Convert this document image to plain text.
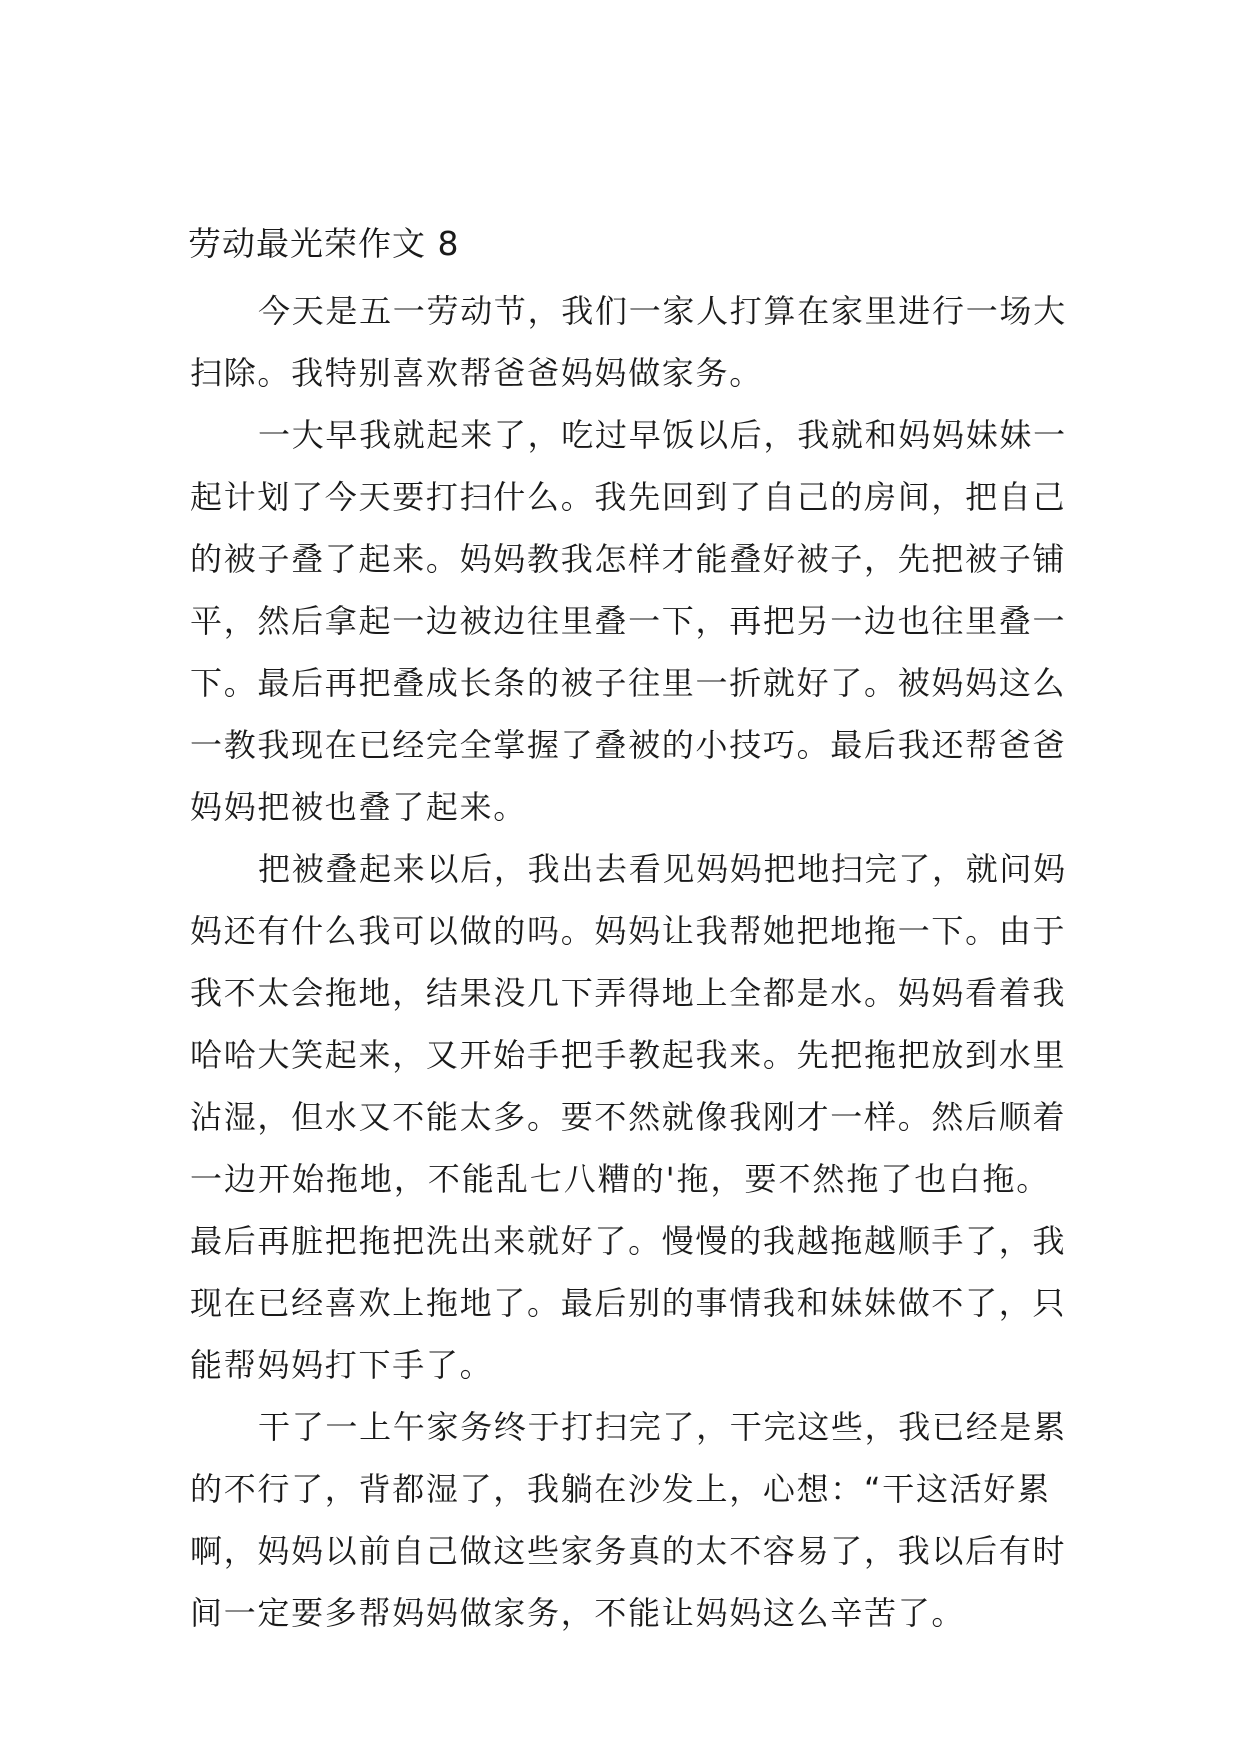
劳动最光荣作文 8
今天是五一劳动节，我们一家人打算在家里进行一场大
扫除。我特别喜欢帮爸爸妈妈做家务。
一大早我就起来了，吃过早饭以后，我就和妈妈妹妹一
起计划了今天要打扫什么。我先回到了自己的房间，把自己
的被子叠了起来。妈妈教我怎样才能叠好被子，先把被子铺
平，然后拿起一边被边往里叠一下，再把另一边也往里叠一
下。最后再把叠成长条的被子往里一折就好了。被妈妈这么
一教我现在已经完全掌握了叠被的小技巧。最后我还帮爸爸
妈妈把被也叠了起来。
把被叠起来以后，我出去看见妈妈把地扫完了，就问妈
妈还有什么我可以做的吗。妈妈让我帮她把地拖一下。由于
我不太会拖地，结果没几下弄得地上全都是水。妈妈看着我
哈哈大笑起来，又开始手把手教起我来。先把拖把放到水里
沾湿，但水又不能太多。要不然就像我刚才一样。然后顺着
一边开始拖地，不能乱七八糟的'拖，要不然拖了也白拖。
最后再脏把拖把洗出来就好了。慢慢的我越拖越顺手了，我
现在已经喜欢上拖地了。最后别的事情我和妹妹做不了，只
能帮妈妈打下手了。
干了一上午家务终于打扫完了，干完这些，我已经是累
的不行了，背都湿了，我躺在沙发上，心想：“干这活好累
啊，妈妈以前自己做这些家务真的太不容易了，我以后有时
间一定要多帮妈妈做家务，不能让妈妈这么辛苦了。
